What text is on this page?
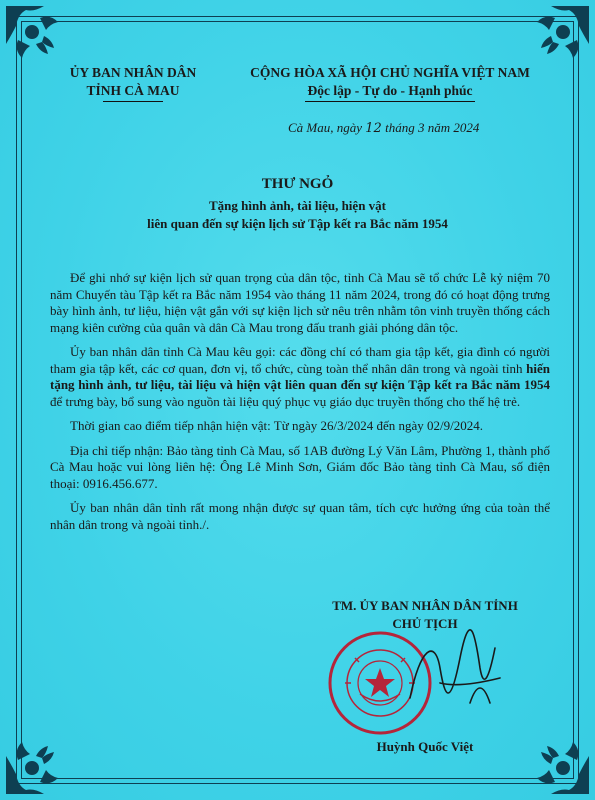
ỦY BAN NHÂN DÂN
TỈNH CÀ MAU
CỘNG HÒA XÃ HỘI CHỦ NGHĨA VIỆT NAM
Độc lập - Tự do - Hạnh phúc
Cà Mau, ngày 12 tháng 3 năm 2024
THƯ NGỎ
Tặng hình ảnh, tài liệu, hiện vật
liên quan đến sự kiện lịch sử Tập kết ra Bắc năm 1954

Để ghi nhớ sự kiện lịch sử quan trọng của dân tộc, tỉnh Cà Mau sẽ tổ chức Lễ kỷ niệm 70 năm Chuyến tàu Tập kết ra Bắc năm 1954 vào tháng 11 năm 2024, trong đó có hoạt động trưng bày hình ảnh, tư liệu, hiện vật gắn với sự kiện lịch sử nêu trên nhằm tôn vinh truyền thống cách mạng kiên cường của quân và dân Cà Mau trong đấu tranh giải phóng dân tộc.

Ủy ban nhân dân tỉnh Cà Mau kêu gọi: các đồng chí có tham gia tập kết, gia đình có người tham gia tập kết, các cơ quan, đơn vị, tổ chức, cùng toàn thể nhân dân trong và ngoài tỉnh hiến tặng hình ảnh, tư liệu, tài liệu và hiện vật liên quan đến sự kiện Tập kết ra Bắc năm 1954 để trưng bày, bổ sung vào nguồn tài liệu quý phục vụ giáo dục truyền thống cho thế hệ trẻ.

Thời gian cao điểm tiếp nhận hiện vật: Từ ngày 26/3/2024 đến ngày 02/9/2024.

Địa chỉ tiếp nhận: Bảo tàng tỉnh Cà Mau, số 1AB đường Lý Văn Lâm, Phường 1, thành phố Cà Mau hoặc vui lòng liên hệ: Ông Lê Minh Sơn, Giám đốc Bảo tàng tỉnh Cà Mau, số điện thoại: 0916.456.677.

Ủy ban nhân dân tỉnh rất mong nhận được sự quan tâm, tích cực hưởng ứng của toàn thể nhân dân trong và ngoài tỉnh./.

TM. ỦY BAN NHÂN DÂN TỈNH
CHỦ TỊCH
Huỳnh Quốc Việt
